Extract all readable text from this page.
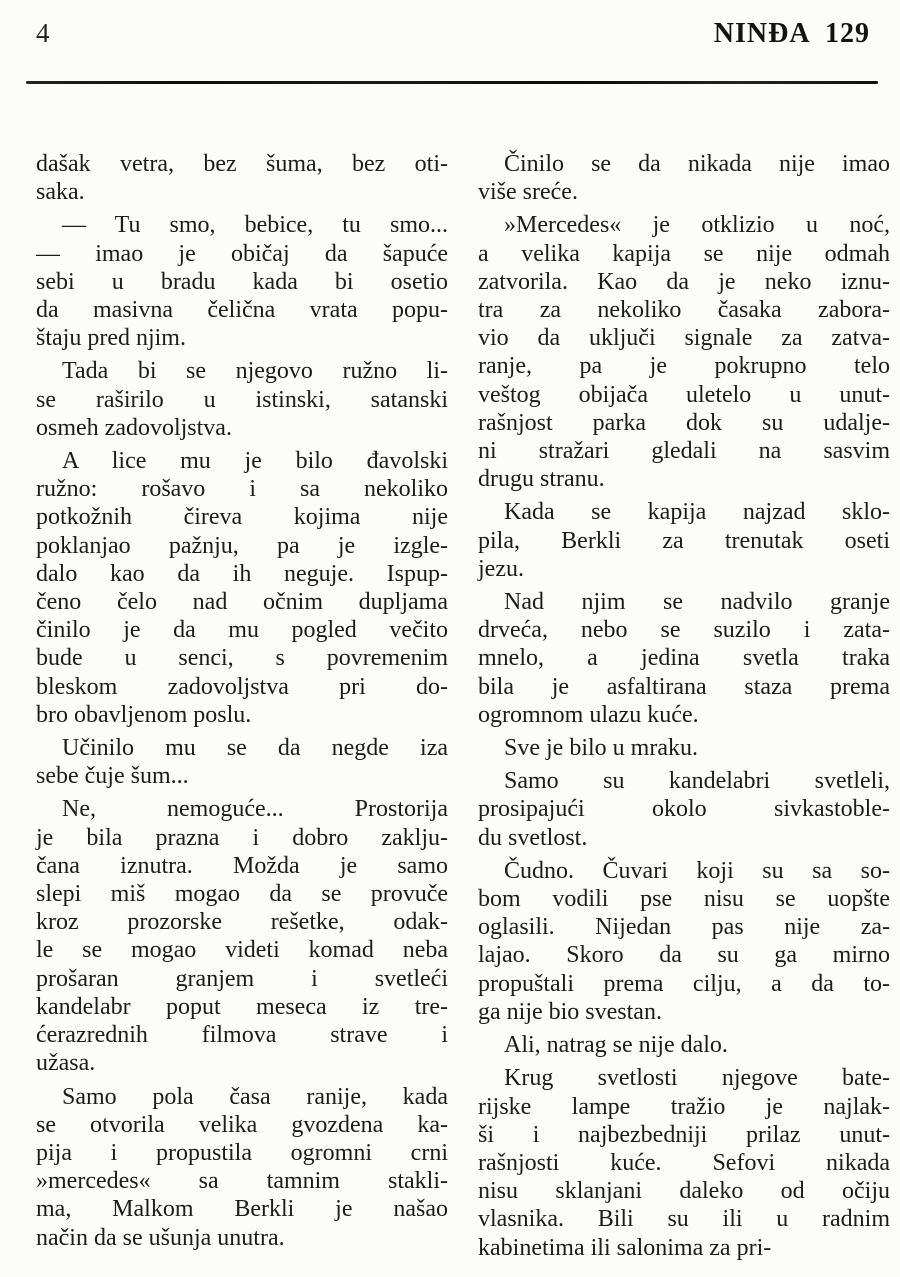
4	NINĐA 129

dašak vetra, bez šuma, bez oti-
saka.

— Tu smo, bebice, tu smo...
— imao je običaj da šapuće
sebi u bradu kada bi osetio
da masivna čelična vrata popu-
štaju pred njim.

Tada bi se njegovo ružno li-
se raširilo u istinski, satanski
osmeh zadovoljstva.

A lice mu je bilo đavolski
ružno: rošavo i sa nekoliko
potkožnih čireva kojima nije
poklanjao pažnju, pa je izgle-
dalo kao da ih neguje. Ispup-
čeno čelo nad očnim dupljama
činilo je da mu pogled večito
bude u senci, s povremenim
bleskom zadovoljstva pri do-
bro obavljenom poslu.

Učinilo mu se da negde iza
sebe čuje šum...

Ne, nemoguće... Prostorija
je bila prazna i dobro zaklju-
čana iznutra. Možda je samo
slepi miš mogao da se provuče
kroz prozorske rešetke, odak-
le se mogao videti komad neba
prošaran granjem i svetleći
kandelabr poput meseca iz tre-
ćerazrednih filmova strave i
užasa.

Samo pola časa ranije, kada
se otvorila velika gvozdena ka-
pija i propustila ogromni crni
»mercedes« sa tamnim stakli-
ma, Malkom Berkli je našao
način da se ušunja unutra.

Činilo se da nikada nije imao
više sreće.

»Mercedes« je otklizio u noć,
a velika kapija se nije odmah
zatvorila. Kao da je neko iznu-
tra za nekoliko časaka zabora-
vio da uključi signale za zatva-
ranje, pa je pokrupno telo
veštog obijača uletelo u unut-
rašnjost parka dok su udalje-
ni stražari gledali na sasvim
drugu stranu.

Kada se kapija najzad sklo-
pila, Berkli za trenutak oseti
jezu.

Nad njim se nadvilo granje
drveća, nebo se suzilo i zata-
mnelo, a jedina svetla traka
bila je asfaltirana staza prema
ogromnom ulazu kuće.

Sve je bilo u mraku.

Samo su kandelabri svetleli,
prosipajući okolo sivkastoble-
du svetlost.

Čudno. Čuvari koji su sa so-
bom vodili pse nisu se uopšte
oglasili. Nijedan pas nije za-
lajao. Skoro da su ga mirno
propuštali prema cilju, a da to-
ga nije bio svestan.

Ali, natrag se nije dalo.

Krug svetlosti njegove bate-
rijske lampe tražio je najlak-
ši i najbezbedniji prilaz unut-
rašnjosti kuće. Sefovi nikada
nisu sklanjani daleko od očiju
vlasnika. Bili su ili u radnim
kabinetima ili salonima za pri-
